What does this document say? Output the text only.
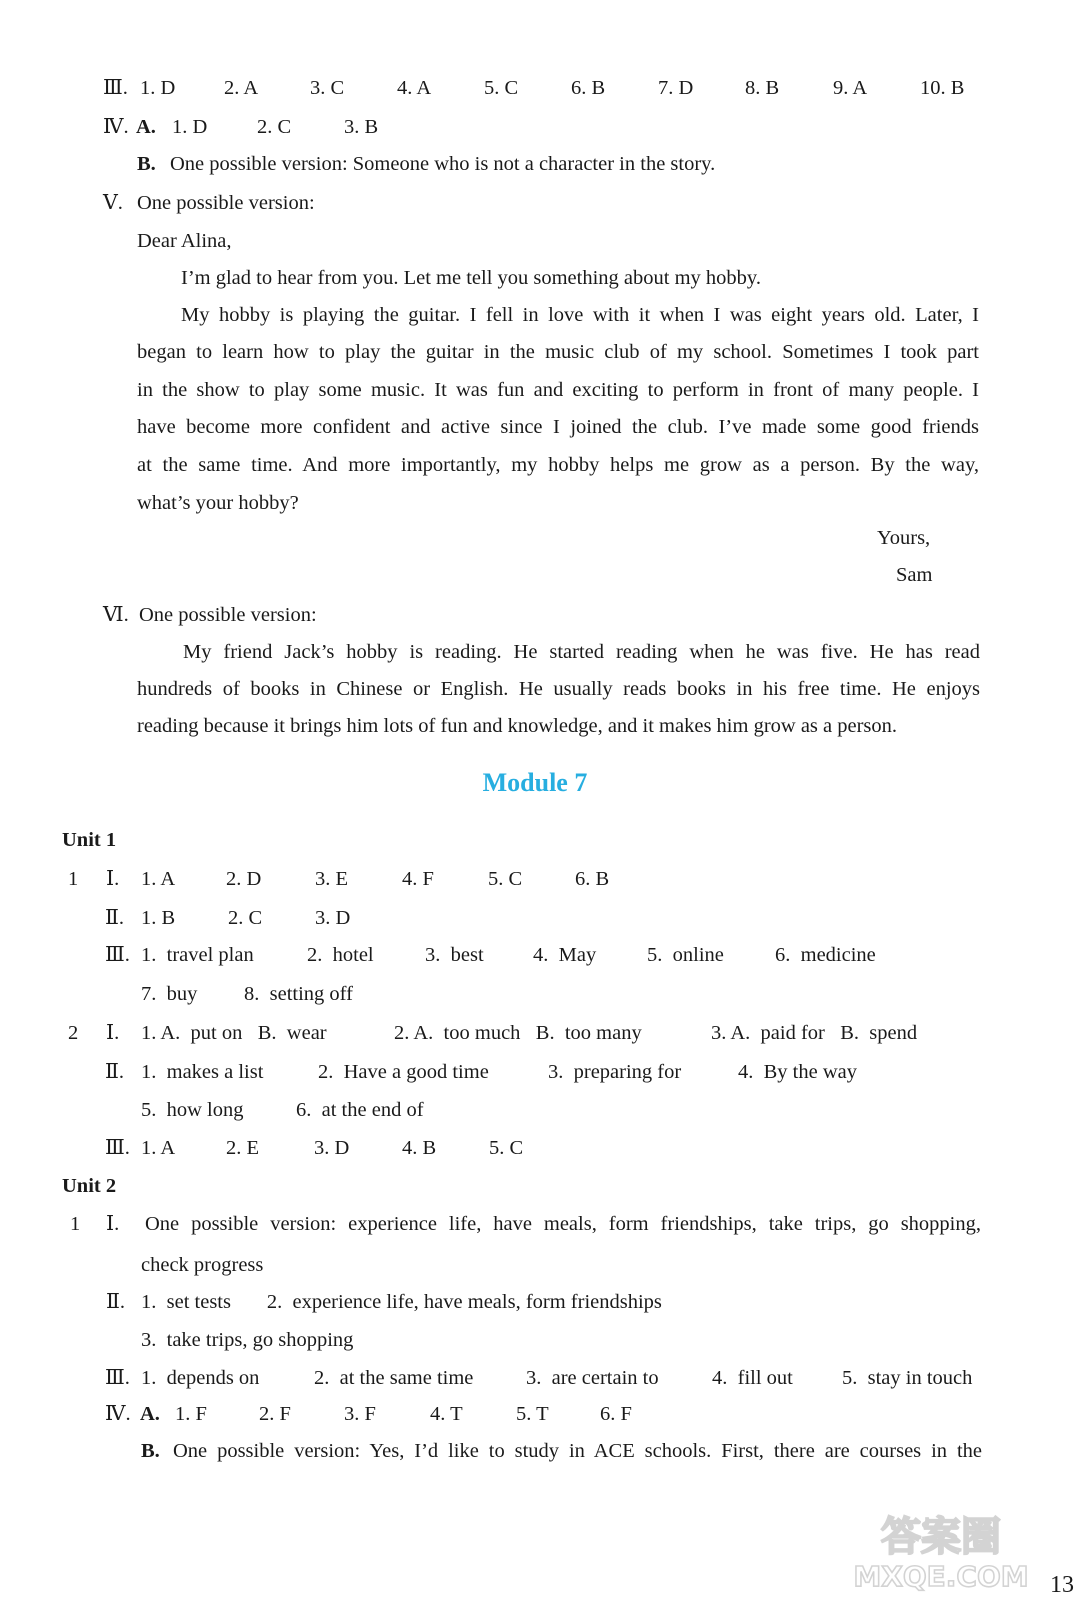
Ⅲ. 1. D 2. A	3. C	4. A	5. C	6. B	7. D	8. B	9. A	10. B
Ⅳ. A. 1. D 2. C	3. B
B. One possible version: Someone who is not a character in the story.
Ⅴ. One possible version:
Dear Alina,
I’m glad to hear from you. Let me tell you something about my hobby.
My hobby is playing the guitar. I fell in love with it when I was eight years old. Later, I
began to learn how to play the guitar in the music club of my school. Sometimes I took part
in the show to play some music. It was fun and exciting to perform in front of many people. I
have become more confident and active since I joined the club. I’ve made some good friends
at the same time. And more importantly, my hobby helps me grow as a person. By the way,
what’s your hobby?
Yours,
Sam
Ⅵ. One possible version:
My friend Jack’s hobby is reading. He started reading when he was five. He has read
hundreds of books in Chinese or English. He usually reads books in his free time. He enjoys
reading because it brings him lots of fun and knowledge, and it makes him grow as a person.
Module 7
Unit 1
1 Ⅰ. 1. A 2. D	3. E	4. F	5. C	6. B
Ⅱ. 1. B	2. C	3. D
Ⅲ. 1.  travel plan	2.  hotel	3.  best 4.  May 5.  online 6.  medicine
7.  buy 8.  setting off
2 Ⅰ. 1. A.  put on   B.  wear	2. A.  too much   B.  too many	3. A.  paid for   B.  spend
Ⅱ. 1.  makes a list	2.  Have a good time	3.  preparing for	4.  By the way
5.  how long	6.  at the end of
Ⅲ. 1. A 2. E	3. D	4. B	5. C
Unit 2
1 Ⅰ. One possible version: experience life, have meals, form friendships, take trips, go shopping,
check progress
Ⅱ. 1.  set tests       2.  experience life, have meals, form friendships
3.  take trips, go shopping
Ⅲ. 1.  depends on	2.  at the same time	3.  are certain to	4.  fill out 5.  stay in touch
Ⅳ. A. 1. F	2. F	3. F	4. T	5. T	6. F
B. One possible version: Yes, I’d like to study in ACE schools. First, there are courses in the
答案圈
MXQE.COM 13
